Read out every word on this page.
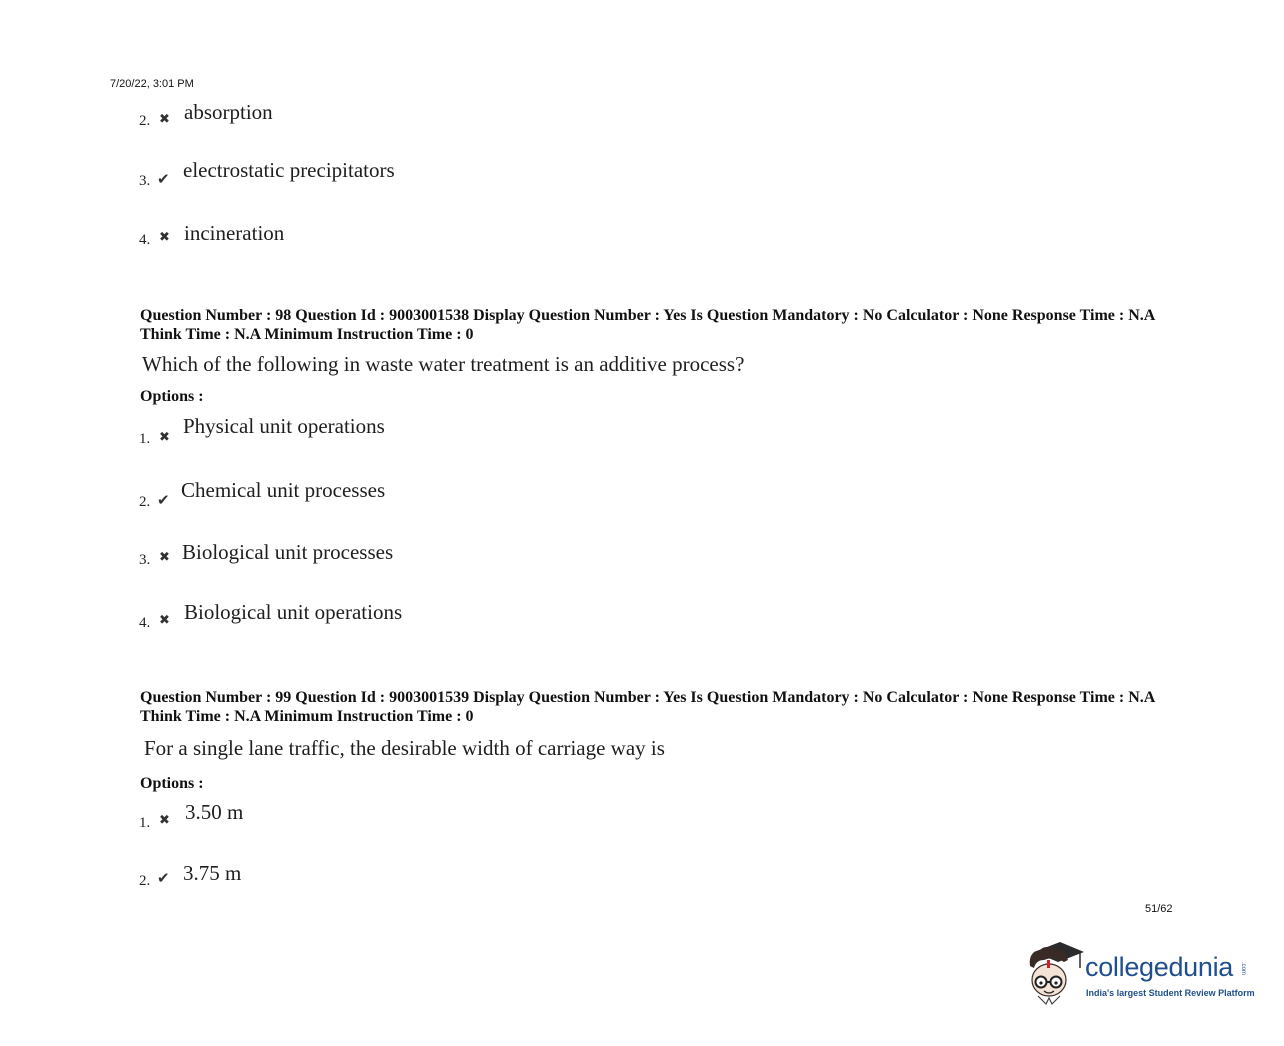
7/20/22, 3:01 PM
2. ✖ absorption
3. ✔ electrostatic precipitators
4. ✖ incineration
Question Number : 98 Question Id : 9003001538 Display Question Number : Yes Is Question Mandatory : No Calculator : None Response Time : N.A Think Time : N.A Minimum Instruction Time : 0
Which of the following in waste water treatment is an additive process?
Options :
1. ✖ Physical unit operations
2. ✔ Chemical unit processes
3. ✖ Biological unit processes
4. ✖ Biological unit operations
Question Number : 99 Question Id : 9003001539 Display Question Number : Yes Is Question Mandatory : No Calculator : None Response Time : N.A Think Time : N.A Minimum Instruction Time : 0
For a single lane traffic, the desirable width of carriage way is
Options :
1. ✖ 3.50 m
2. ✔ 3.75 m
51/62
collegedunia .com
India's largest Student Review Platform
